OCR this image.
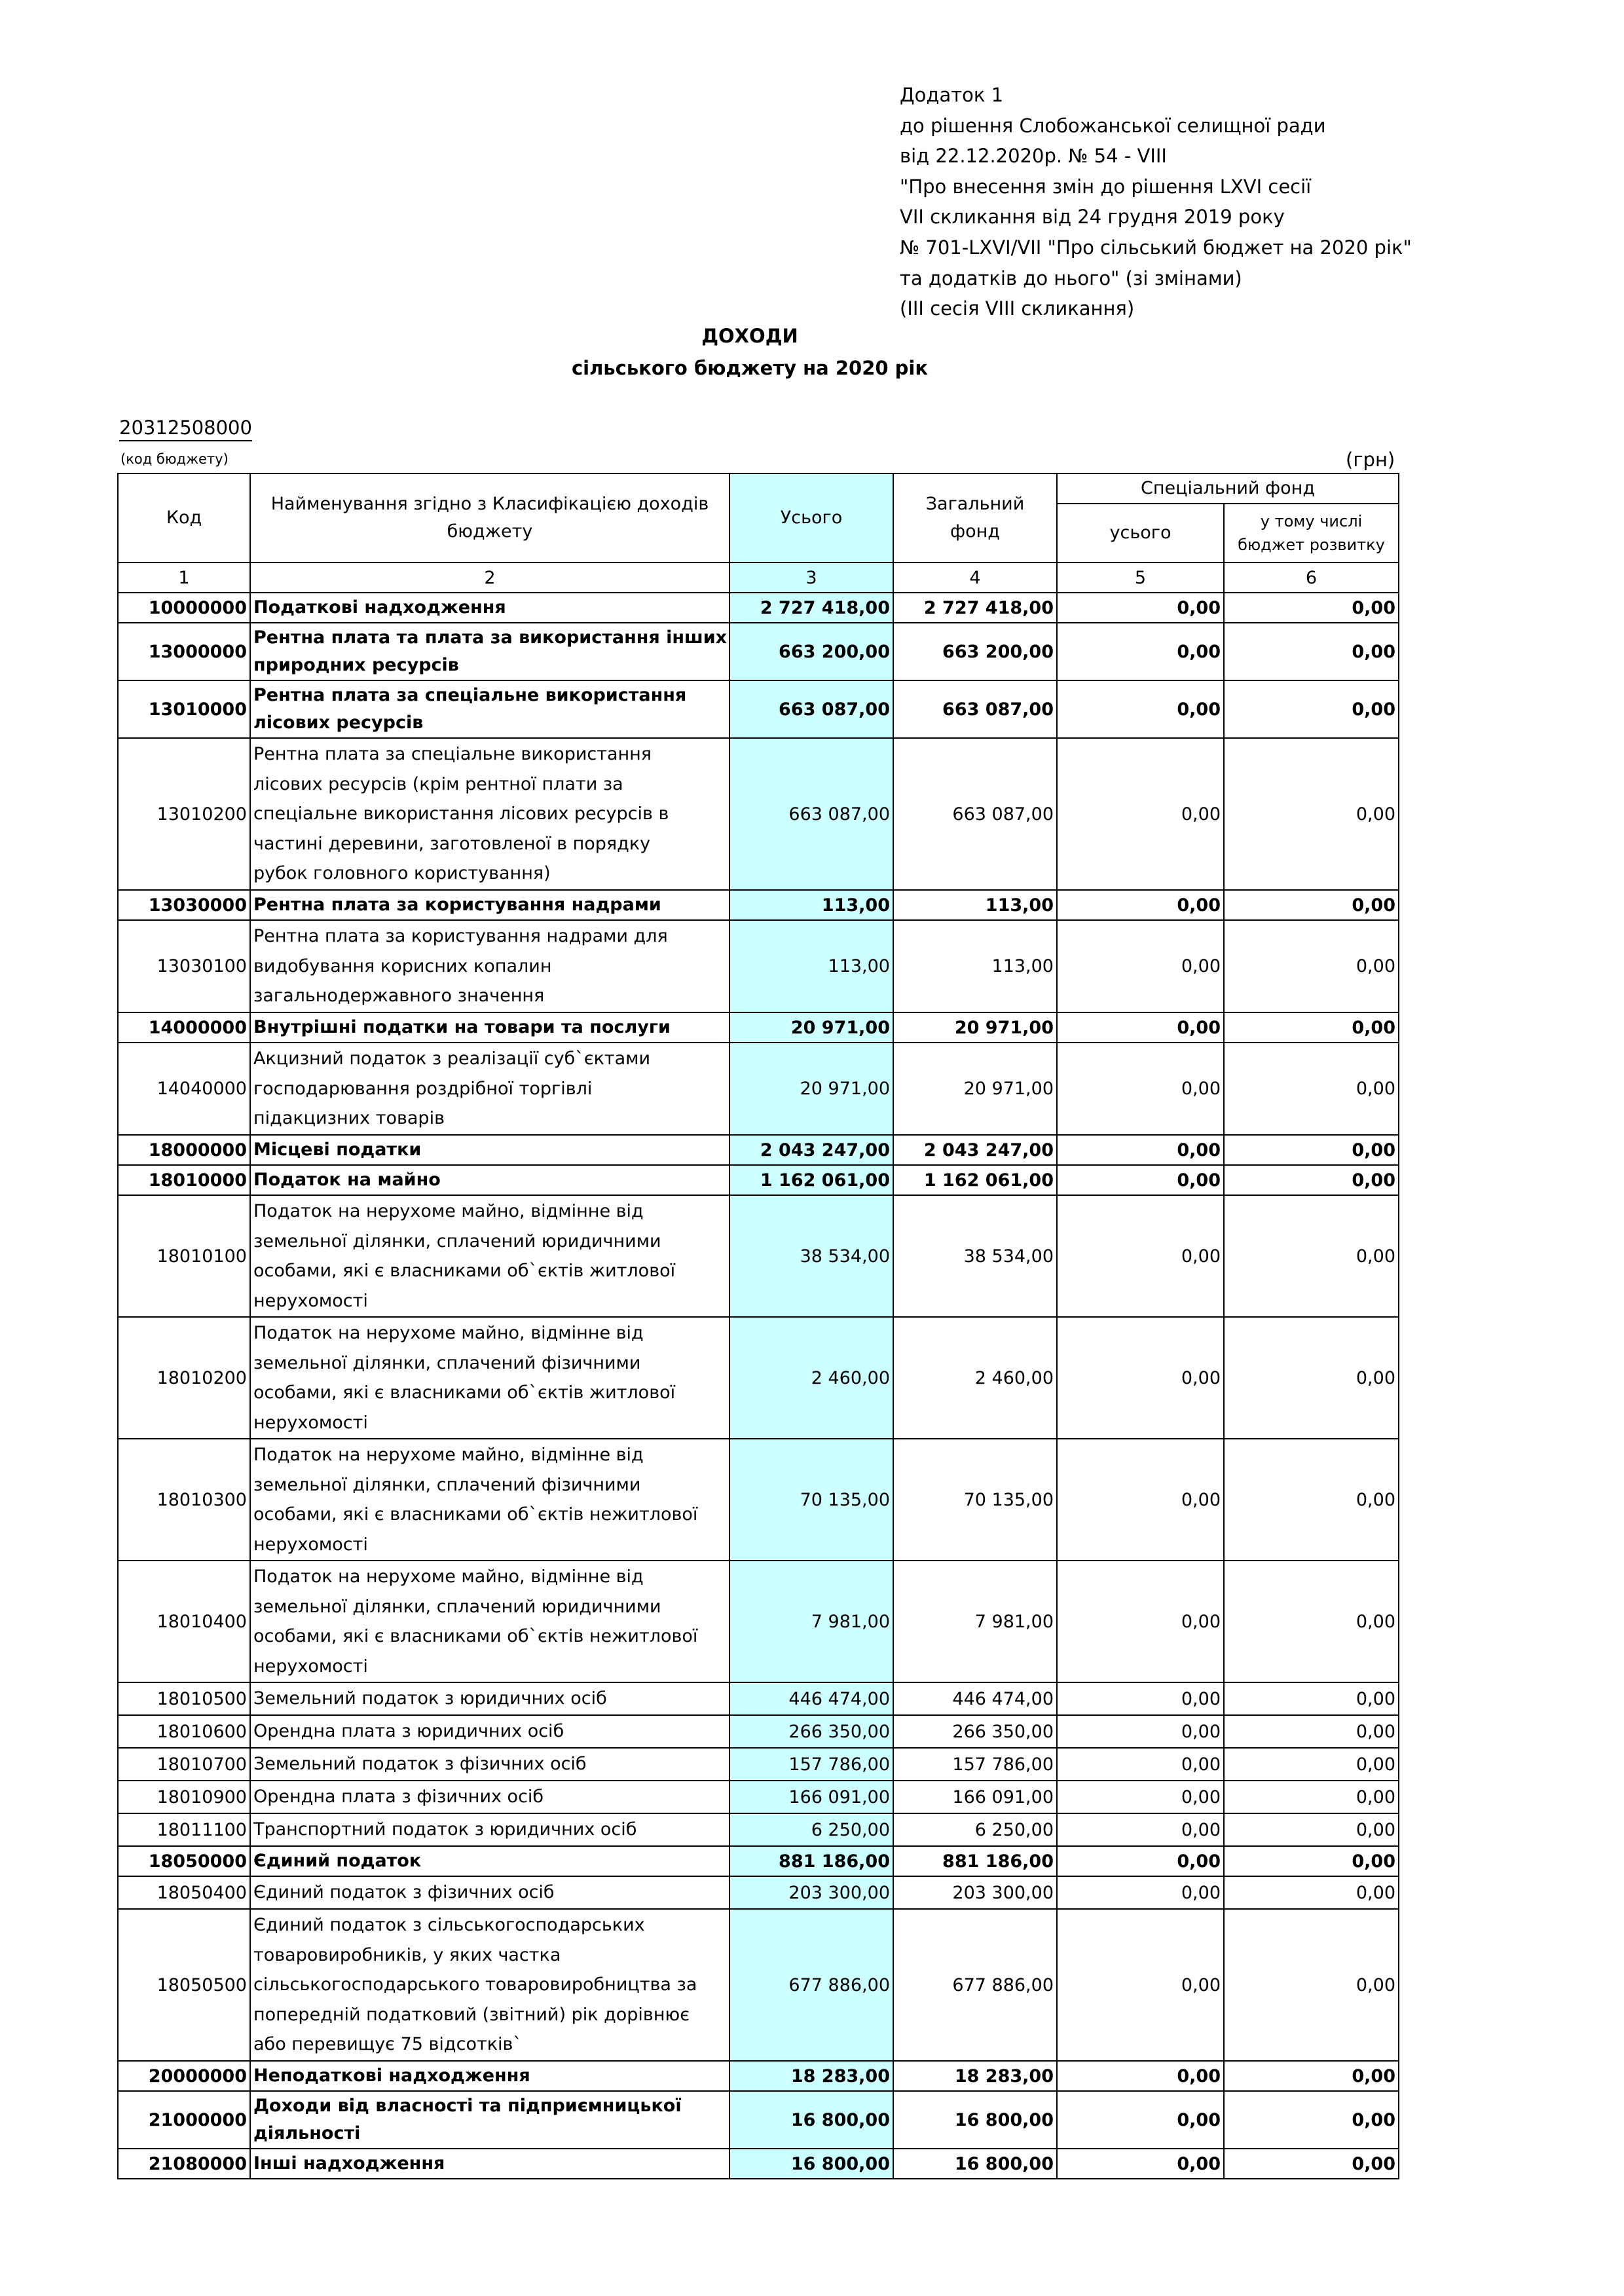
Додаток 1
до рішення Слобожанської селищної ради
від 22.12.2020р. № 54 - VIII
"Про внесення змін до рішення LXVI сесії
VII скликання від 24 грудня 2019 року
№ 701-LXVI/VII "Про сільський бюджет на 2020 рік"
та додатків до нього" (зі змінами)
(ІІІ сесія VIII скликання)
ДОХОДИ
сільського бюджету на 2020 рік
20312508000
(код бюджету)	(грн)
Код	Найменування згідно з Класифікацією доходів бюджету	Усього	Загальний фонд	Спеціальний фонд	
				усього	у тому числі бюджет розвитку
1	2	3	4	5	6
10000000	Податкові надходження	2 727 418,00	2 727 418,00	0,00	0,00
13000000	Рентна плата та плата за використання інших
природних ресурсів	663 200,00	663 200,00	0,00	0,00
13010000	Рентна плата за спеціальне використання
лісових ресурсів	663 087,00	663 087,00	0,00	0,00
13010200	Рентна плата за спеціальне використання
лісових ресурсів (крім рентної плати за
спеціальне використання лісових ресурсів в
частині деревини, заготовленої в порядку
рубок головного користування)	663 087,00	663 087,00	0,00	0,00
13030000	Рентна плата за користування надрами	113,00	113,00	0,00	0,00
13030100	Рентна плата за користування надрами для
видобування корисних копалин
загальнодержавного значення	113,00	113,00	0,00	0,00
14000000	Внутрішні податки на товари та послуги	20 971,00	20 971,00	0,00	0,00
14040000	Акцизний податок з реалізації суб`єктами
господарювання роздрібної торгівлі
підакцизних товарів	20 971,00	20 971,00	0,00	0,00
18000000	Місцеві податки	2 043 247,00	2 043 247,00	0,00	0,00
18010000	Податок на майно	1 162 061,00	1 162 061,00	0,00	0,00
18010100	Податок на нерухоме майно, відмінне від
земельної ділянки, сплачений юридичними
особами, які є власниками об`єктів житлової
нерухомості	38 534,00	38 534,00	0,00	0,00
18010200	Податок на нерухоме майно, відмінне від
земельної ділянки, сплачений фізичними
особами, які є власниками об`єктів житлової
нерухомості	2 460,00	2 460,00	0,00	0,00
18010300	Податок на нерухоме майно, відмінне від
земельної ділянки, сплачений фізичними
особами, які є власниками об`єктів нежитлової
нерухомості	70 135,00	70 135,00	0,00	0,00
18010400	Податок на нерухоме майно, відмінне від
земельної ділянки, сплачений юридичними
особами, які є власниками об`єктів нежитлової
нерухомості	7 981,00	7 981,00	0,00	0,00
18010500	Земельний податок з юридичних осіб	446 474,00	446 474,00	0,00	0,00
18010600	Орендна плата з юридичних осіб	266 350,00	266 350,00	0,00	0,00
18010700	Земельний податок з фізичних осіб	157 786,00	157 786,00	0,00	0,00
18010900	Орендна плата з фізичних осіб	166 091,00	166 091,00	0,00	0,00
18011100	Транспортний податок з юридичних осіб	6 250,00	6 250,00	0,00	0,00
18050000	Єдиний податок	881 186,00	881 186,00	0,00	0,00
18050400	Єдиний податок з фізичних осіб	203 300,00	203 300,00	0,00	0,00
18050500	Єдиний податок з сільськогосподарських
товаровиробників, у яких частка
сільськогосподарського товаровиробництва за
попередній податковий (звітний) рік дорівнює
або перевищує 75 відсотків`	677 886,00	677 886,00	0,00	0,00
20000000	Неподаткові надходження	18 283,00	18 283,00	0,00	0,00
21000000	Доходи від власності та підприємницької
діяльності	16 800,00	16 800,00	0,00	0,00
21080000	Інші надходження	16 800,00	16 800,00	0,00	0,00
